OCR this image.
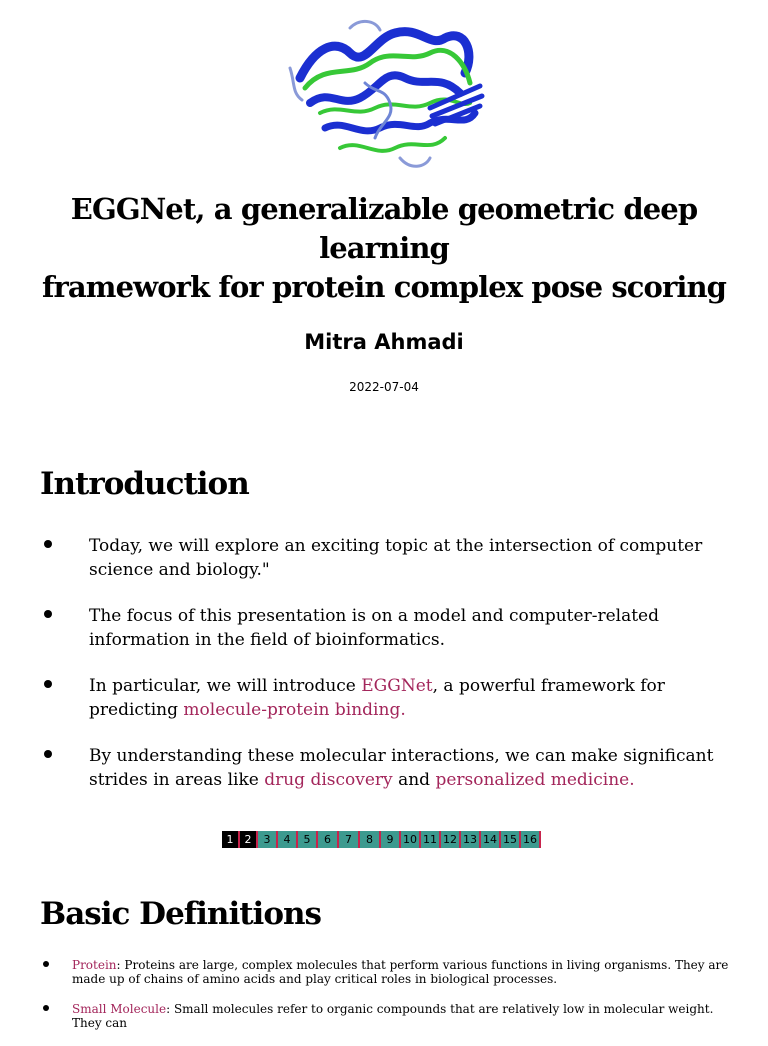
EGGNet, a generalizable geometric deep learning
framework for protein complex pose scoring
Mitra Ahmadi
2022-07-04
Introduction
Today, we will explore an exciting topic at the intersection of computer science and biology."
The focus of this presentation is on a model and computer-related information in the field of bioinformatics.
In particular, we will introduce EGGNet, a powerful framework for predicting molecule-protein binding.
By understanding these molecular interactions, we can make significant strides in areas like drug discovery and personalized medicine.
1	2	3	4	5	6	7	8	9 10 11 12 13 14 15 16
Basic Definitions
Protein: Proteins are large, complex molecules that perform various functions in living organisms. They are made up of chains of amino acids and play critical roles in biological processes.
Small Molecule: Small molecules refer to organic compounds that are relatively low in molecular weight. They can
